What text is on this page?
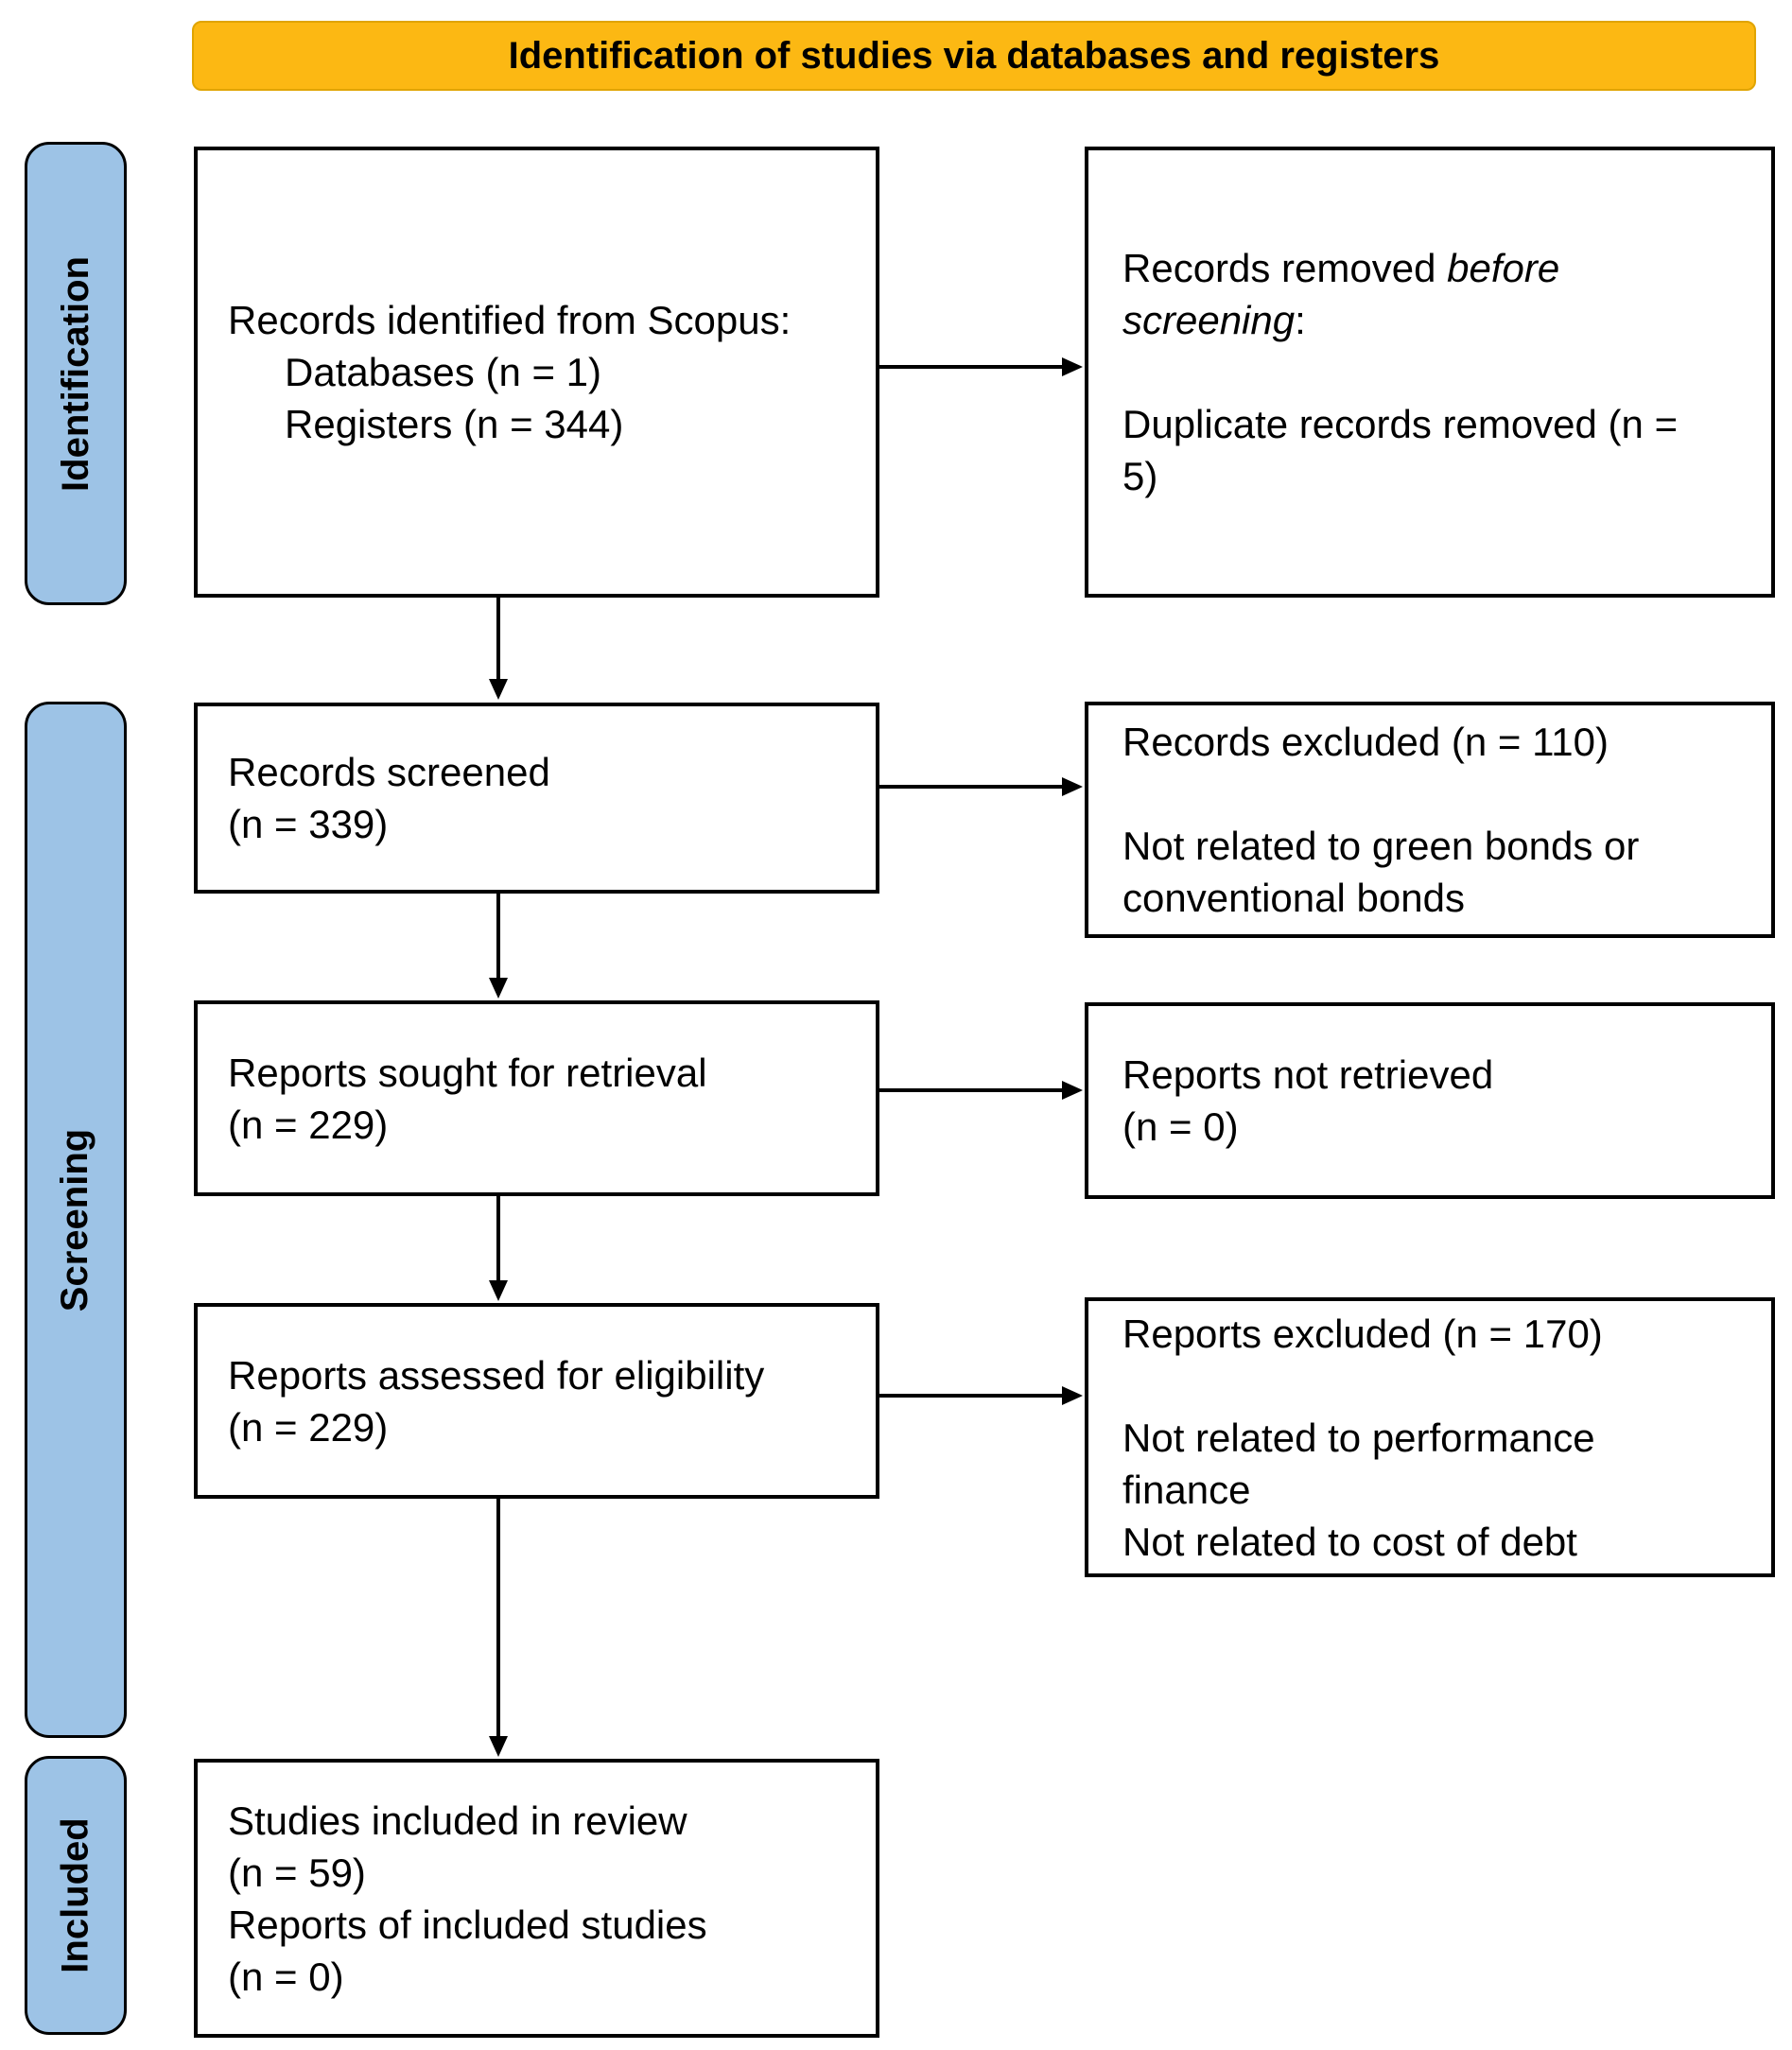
Identification of studies via databases and registers
Identification
Screening
Included
Records identified from Scopus:
Databases (n = 1)
Registers (n = 344)
Records removed before screening:
Duplicate records removed (n = 5)
Records screened
(n = 339)
Records excluded (n = 110)
Not related to green bonds or conventional bonds
Reports sought for retrieval
(n = 229)
Reports not retrieved
(n = 0)
Reports assessed for eligibility
(n = 229)
Reports excluded (n = 170)
Not related to performance finance
Not related to cost of debt
Studies included in review
(n = 59)
Reports of included studies
(n = 0)
